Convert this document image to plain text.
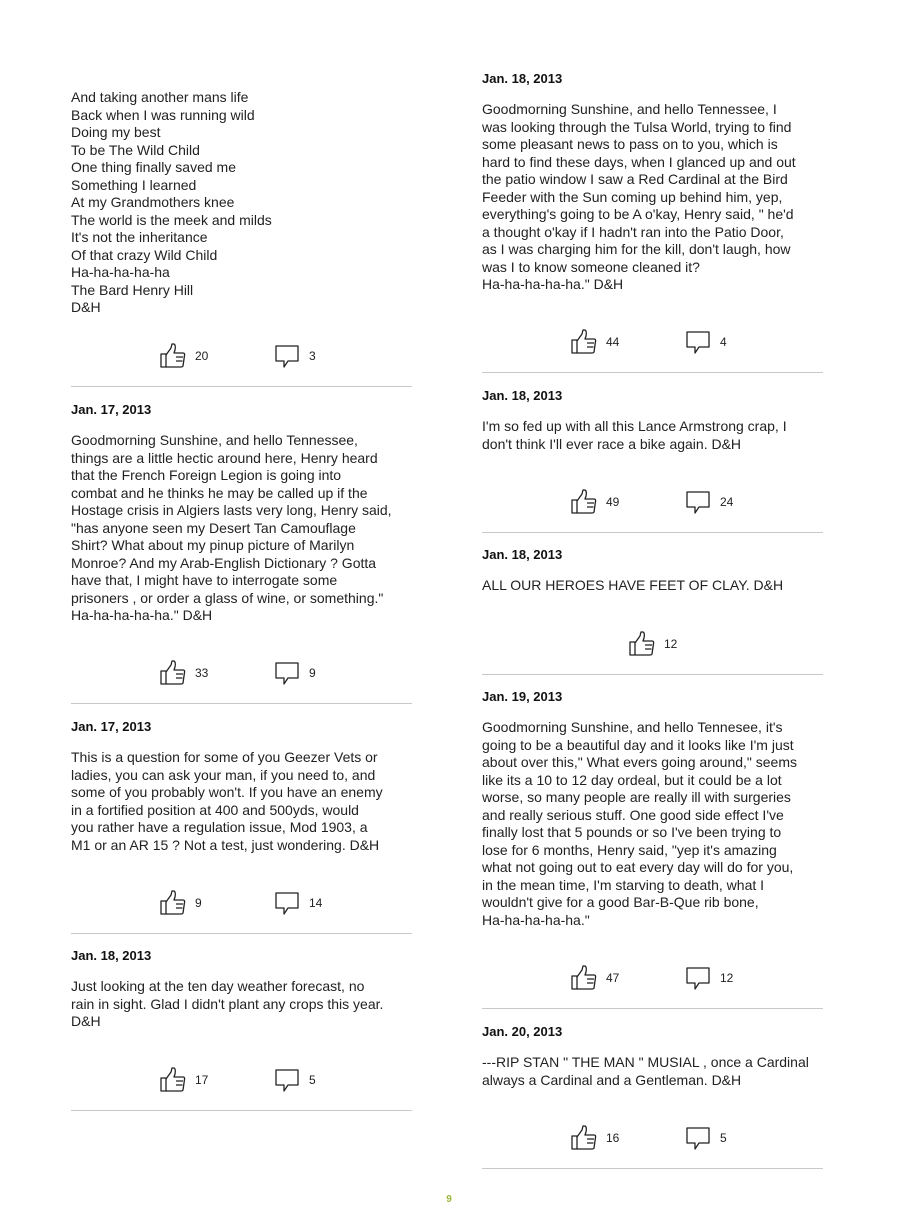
And taking another mans life
Back when I was running wild
Doing my best
To be The Wild Child
One thing finally saved me
Something I learned
At my Grandmothers knee
The world is the meek and milds
It's not the inheritance
Of that crazy Wild Child
Ha-ha-ha-ha-ha
The Bard Henry Hill
D&H
20	3
Jan. 17, 2013
Goodmorning Sunshine, and hello Tennessee,
things are a little hectic around here, Henry heard
that the French Foreign Legion is going into
combat and he thinks he may be called up if the
Hostage crisis in Algiers lasts very long, Henry said,
"has anyone seen my Desert Tan Camouflage
Shirt? What about my pinup picture of Marilyn
Monroe? And my Arab-English Dictionary ? Gotta
have that, I might have to interrogate some
prisoners , or order a glass of wine, or something."
Ha-ha-ha-ha-ha." D&H
33	9
Jan. 17, 2013
This is a question for some of you Geezer Vets or
ladies, you can ask your man, if you need to, and
some of you probably won't. If you have an enemy
in a fortified position at 400 and 500yds, would
you rather have a regulation issue, Mod 1903, a
M1 or an AR 15 ? Not a test, just wondering. D&H
9	14
Jan. 18, 2013
Just looking at the ten day weather forecast, no
rain in sight. Glad I didn't plant any crops this year.
D&H
17	5
Jan. 18, 2013
Goodmorning Sunshine, and hello Tennessee, I
was looking through the Tulsa World, trying to find
some pleasant news to pass on to you, which is
hard to find these days, when I glanced up and out
the patio window I saw a Red Cardinal at the Bird
Feeder with the Sun coming up behind him, yep,
everything's going to be A o'kay, Henry said, " he'd
a thought o'kay if I hadn't ran into the Patio Door,
as I was charging him for the kill, don't laugh, how
was I to know someone cleaned it?
Ha-ha-ha-ha-ha." D&H
44	4
Jan. 18, 2013
I'm so fed up with all this Lance Armstrong crap, I
don't think I'll ever race a bike again. D&H
49	24
Jan. 18, 2013
ALL OUR HEROES HAVE FEET OF CLAY. D&H
12
Jan. 19, 2013
Goodmorning Sunshine, and hello Tennesee, it's
going to be a beautiful day and it looks like I'm just
about over this," What evers going around," seems
like its a 10 to 12 day ordeal, but it could be a lot
worse, so many people are really ill with surgeries
and really serious stuff. One good side effect I've
finally lost that 5 pounds or so I've been trying to
lose for 6 months, Henry said, "yep it's amazing
what not going out to eat every day will do for you,
in the mean time, I'm starving to death, what I
wouldn't give for a good Bar-B-Que rib bone,
Ha-ha-ha-ha-ha."
47	12
Jan. 20, 2013
---RIP STAN " THE MAN " MUSIAL , once a Cardinal
always a Cardinal and a Gentleman. D&H
16	5
9
